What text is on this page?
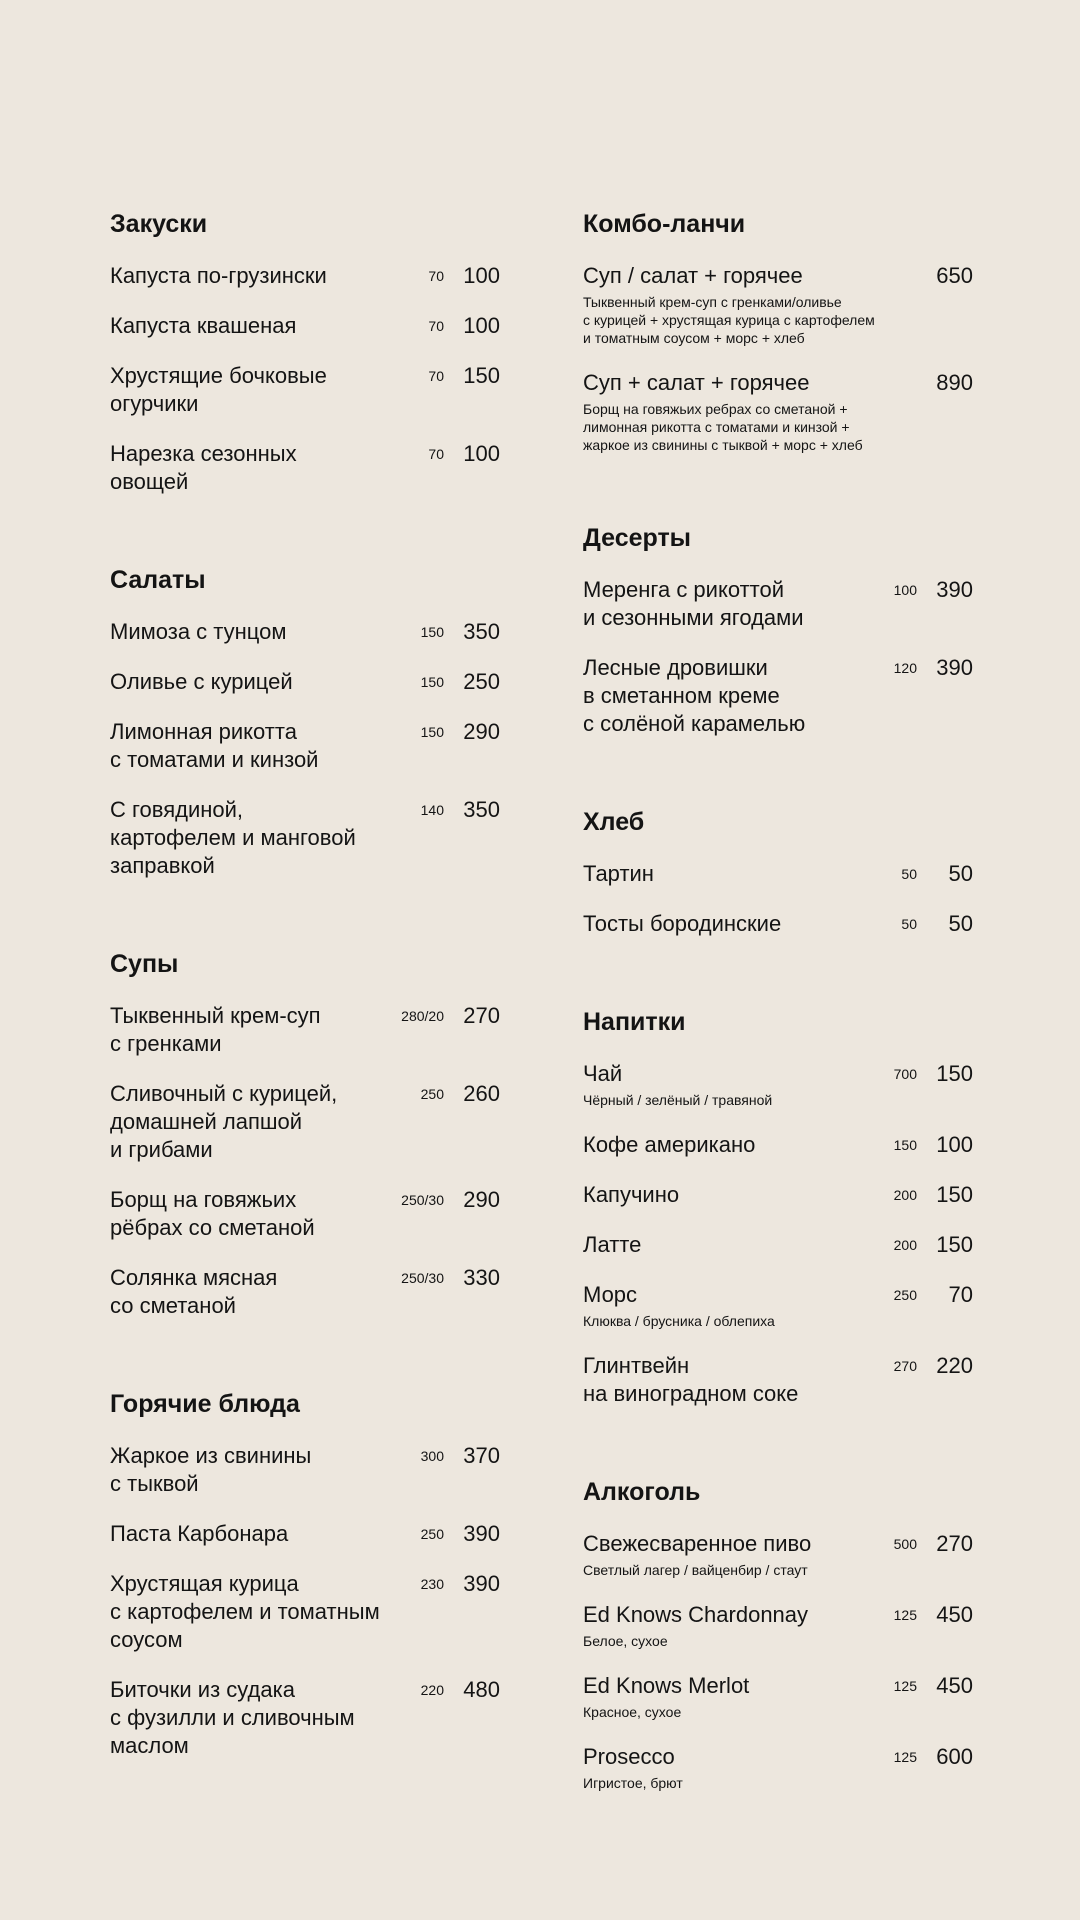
Закуски
Капуста по-грузински	70 100
Капуста квашеная	70 100
Хрустящие бочковые
огурчики
70 150
Нарезка сезонных
овощей
70 100
Салаты
Мимоза с тунцом	150 350
Оливье с курицей	150 250
Лимонная рикотта
с томатами и кинзой
150 290
С говядиной,
картофелем и манговой
заправкой
140 350
Супы
Тыквенный крем-суп
с гренками
280/20 270
Сливочный с курицей,
домашней лапшой
и грибами
250 260
Борщ на говяжьих
рёбрах со сметаной
250/30 290
Солянка мясная
со сметаной
250/30 330
Горячие блюда
Жаркое из свинины
с тыквой
300 370
Паста Карбонара	250 390
Хрустящая курица
с картофелем и томатным
соусом
230 390
Биточки из судака
с фузилли и сливочным
маслом
220 480
Комбо-ланчи
Суп / салат + горячее
Тыквенный крем-суп с гренками/оливье
с курицей + хрустящая курица с картофелем
и томатным соусом + морс + хлеб
650
Суп + салат + горячее
Борщ на говяжьих ребрах со сметаной +
лимонная рикотта с томатами и кинзой +
жаркое из свинины с тыквой + морс + хлеб
890
Десерты
Меренга с рикоттой
и сезонными ягодами
100 390
Лесные дровишки
в сметанном креме
с солёной карамелью
120 390
Хлеб
Тартин	50	50
Тосты бородинские	50	50
Напитки
Чай
Чёрный / зелёный / травяной
700 150
Кофе американо	150 100
Капучино	200 150
Латте	200 150
Морс
Клюква / брусника / облепиха
250	70
Глинтвейн
на виноградном соке
270 220
Алкоголь
Свежесваренное пиво
Светлый лагер / вайценбир / стаут
500 270
Ed Knows Chardonnay
Белое, сухое
125 450
Ed Knows Merlot
Красное, сухое
125 450
Prosecco
Игристое, брют
125 600
